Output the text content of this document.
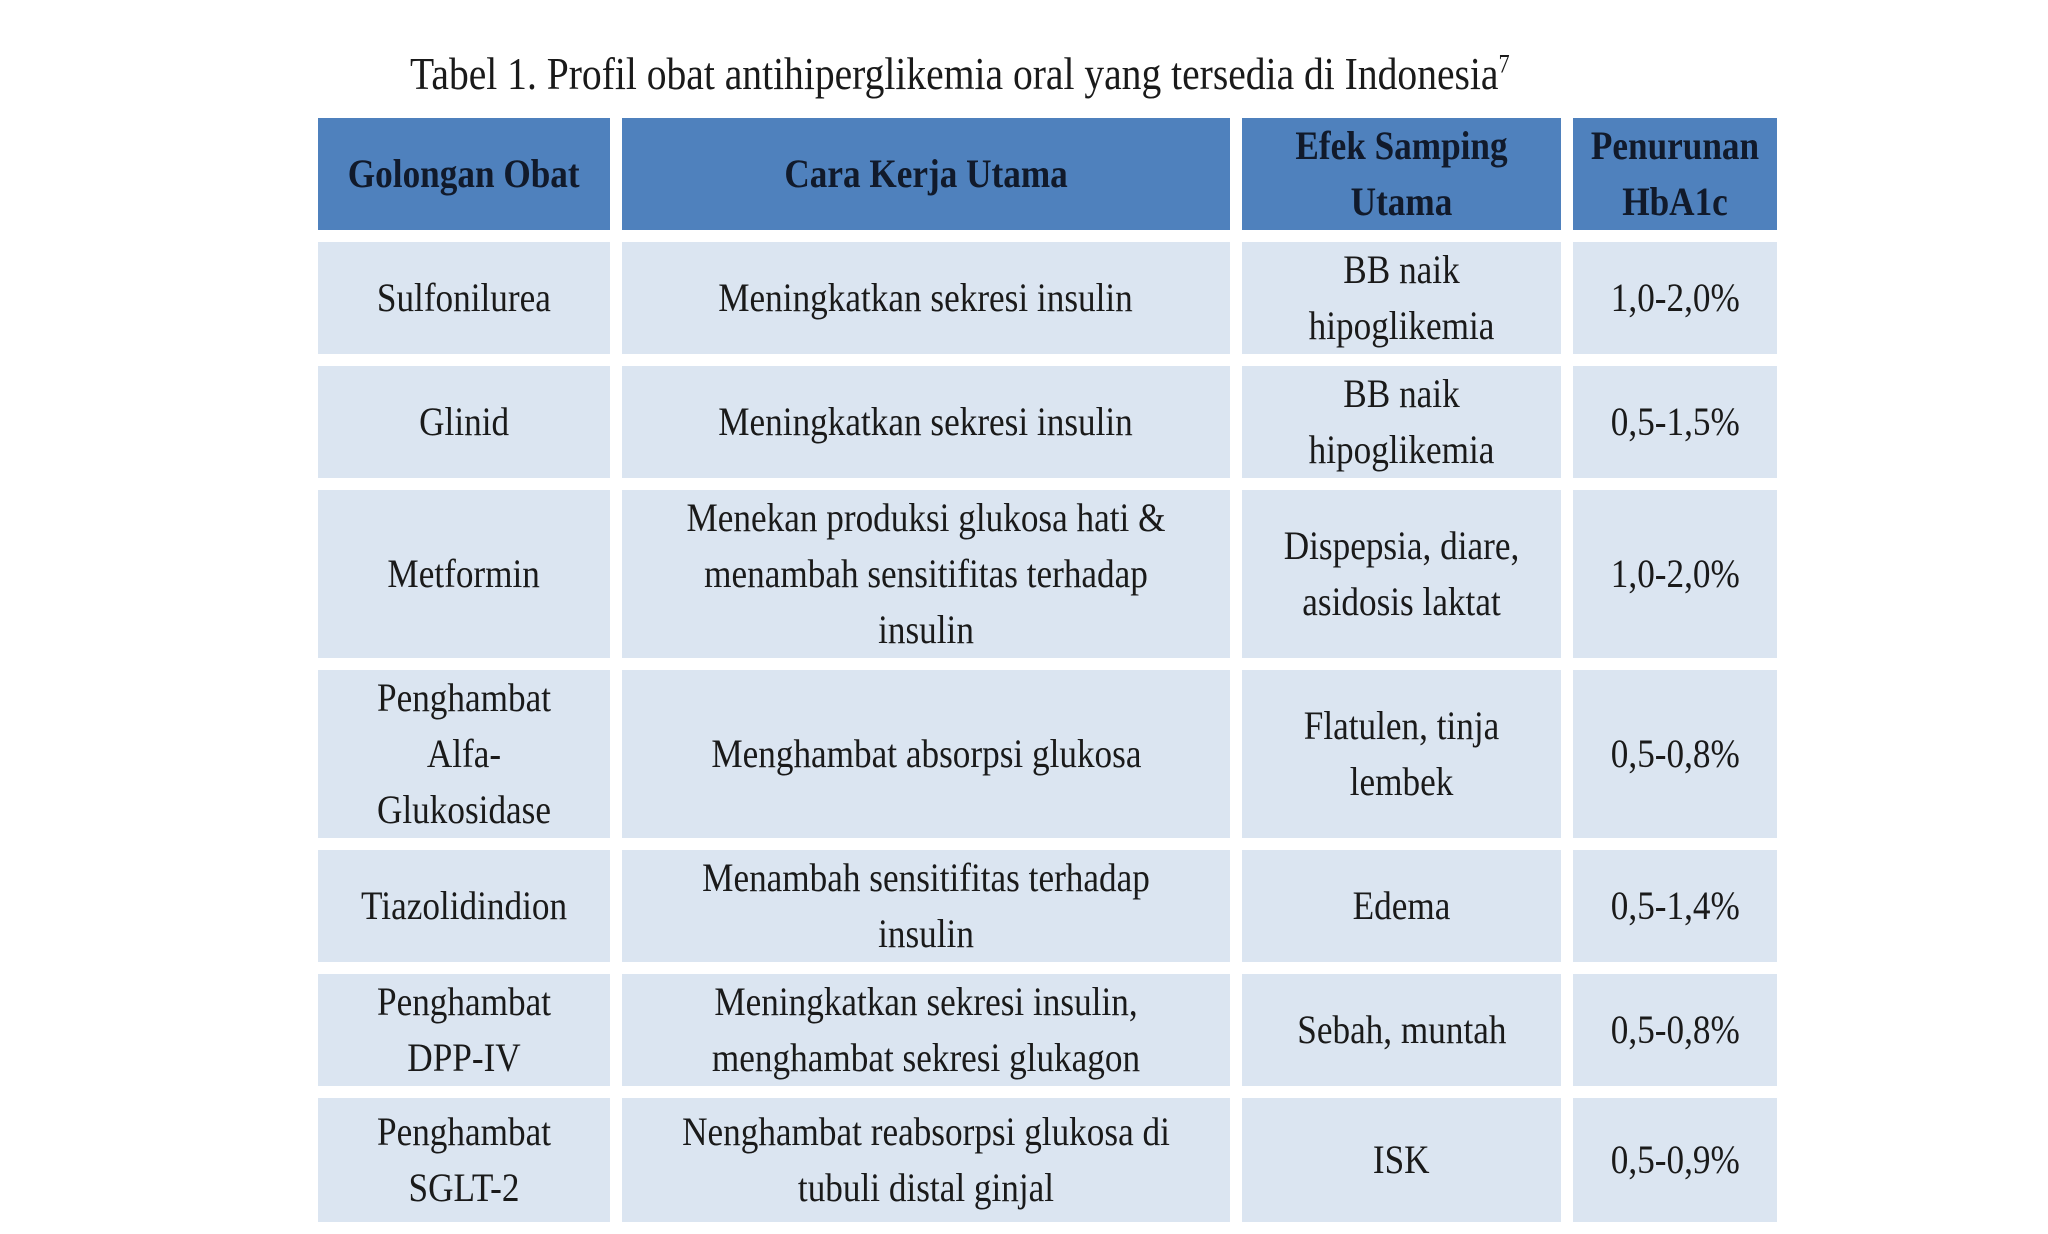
Tabel 1. Profil obat antihiperglikemia oral yang tersedia di Indonesia$^7$
Golongan Obat	Cara Kerja Utama	Efek Samping Utama	Penurunan HbA1c
Sulfonilurea	Meningkatkan sekresi insulin	BB naik hipoglikemia	1,0-2,0%
Glinid	Meningkatkan sekresi insulin	BB naik hipoglikemia	0,5-1,5%
Metformin	Menekan produksi glukosa hati & menambah sensitifitas terhadap insulin	Dispepsia, diare, asidosis laktat	1,0-2,0%
Penghambat Alfa-Glukosidase	Menghambat absorpsi glukosa	Flatulen, tinja lembek	0,5-0,8%
Tiazolidindion	Menambah sensitifitas terhadap insulin	Edema	0,5-1,4%
Penghambat DPP-IV	Meningkatkan sekresi insulin, menghambat sekresi glukagon	Sebah, muntah	0,5-0,8%
Penghambat SGLT-2	Nenghambat reabsorpsi glukosa di tubuli distal ginjal	ISK	0,5-0,9%
